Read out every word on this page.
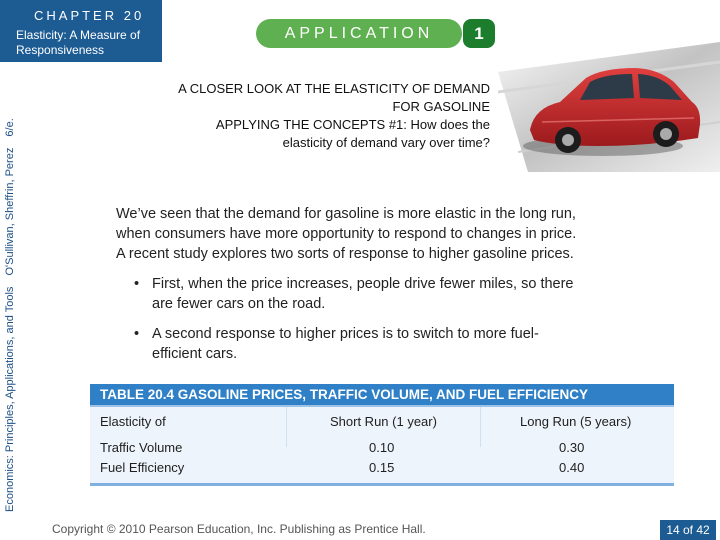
CHAPTER 20
Elasticity: A Measure of
Responsiveness
Economics: Principles, Applications, and Tools O'Sullivan, Sheffrin, Perez 6/e.
APPLICATION	1
A CLOSER LOOK AT THE ELASTICITY OF DEMAND
FOR GASOLINE
APPLYING THE CONCEPTS #1: How does the
elasticity of demand vary over time?
We’ve seen that the demand for gasoline is more elastic in the long run,
when consumers have more opportunity to respond to changes in price.
A recent study explores two sorts of response to higher gasoline prices.
• First, when the price increases, people drive fewer miles, so there
are fewer cars on the road.
• A second response to higher prices is to switch to more fuel-
efficient cars.
TABLE 20.4 GASOLINE PRICES, TRAFFIC VOLUME, AND FUEL EFFICIENCY
Elasticity of	Short Run (1 year)	Long Run (5 years)
Traffic Volume	0.10	0.30
Fuel Efficiency	0.15	0.40
Copyright © 2010 Pearson Education, Inc. Publishing as Prentice Hall.	14 of 42
